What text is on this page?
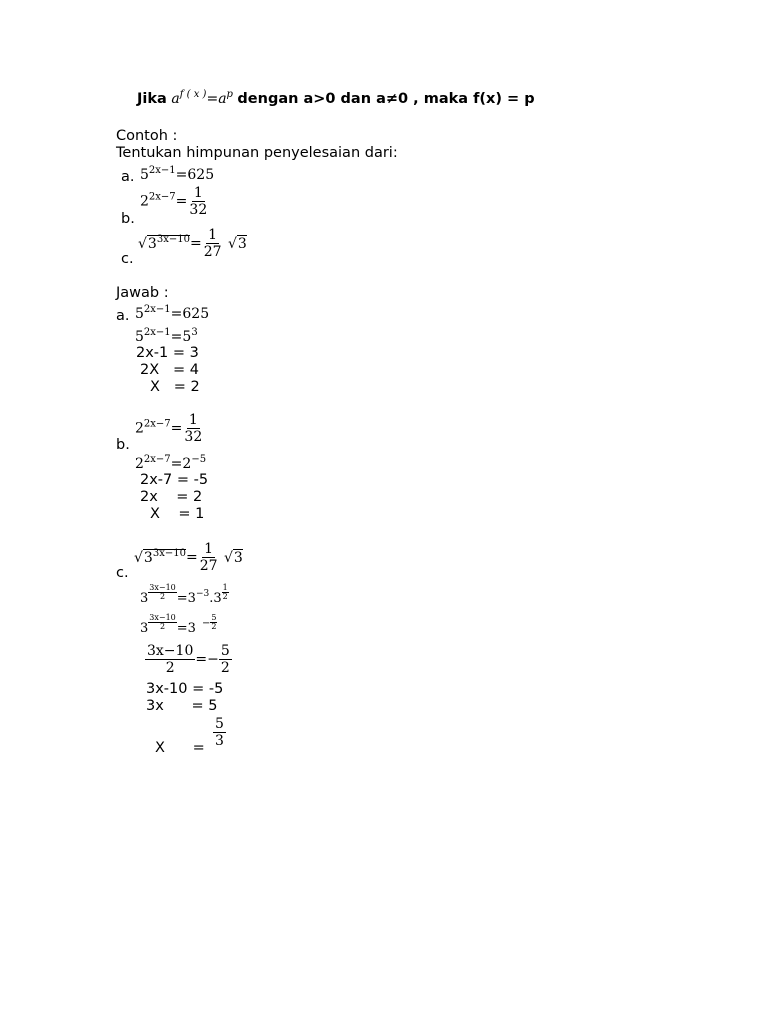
Jika $a^{f ( x )}=a^p$ dengan a>0 dan a≠0 , maka f(x) = p
Contoh :
Tentukan himpunan penyelesaian dari:
a. $5^{2x-1}=625$
$2^{2x-7}= \frac{1}{32}$
b.
$√3^{3x-10}= \frac{1}{27} √3$
c.
Jawab :
a. $5^{2x-1}=625$
$5^{2x-1}=5^3$
2x-1 = 3
2X   = 4
X   = 2
$2^{2x-7}= \frac{1}{32}$
b.
$2^{2x-7}=2^{-5}$
2x-7 = -5
2x    = 2
X    = 1
$√3^{3x-10}= \frac{1}{27} √3$
c.
$3 \frac{3x-10}{2} =3-3.3 \frac{1}{2}$
$3 \frac{3x-10}{2} =3 - \frac{5}{2}$
$\frac{3x-10}{2} =- \frac{5}{2}$
3x-10 = -5
3x      = 5
X      = $\frac{5}{3}$
